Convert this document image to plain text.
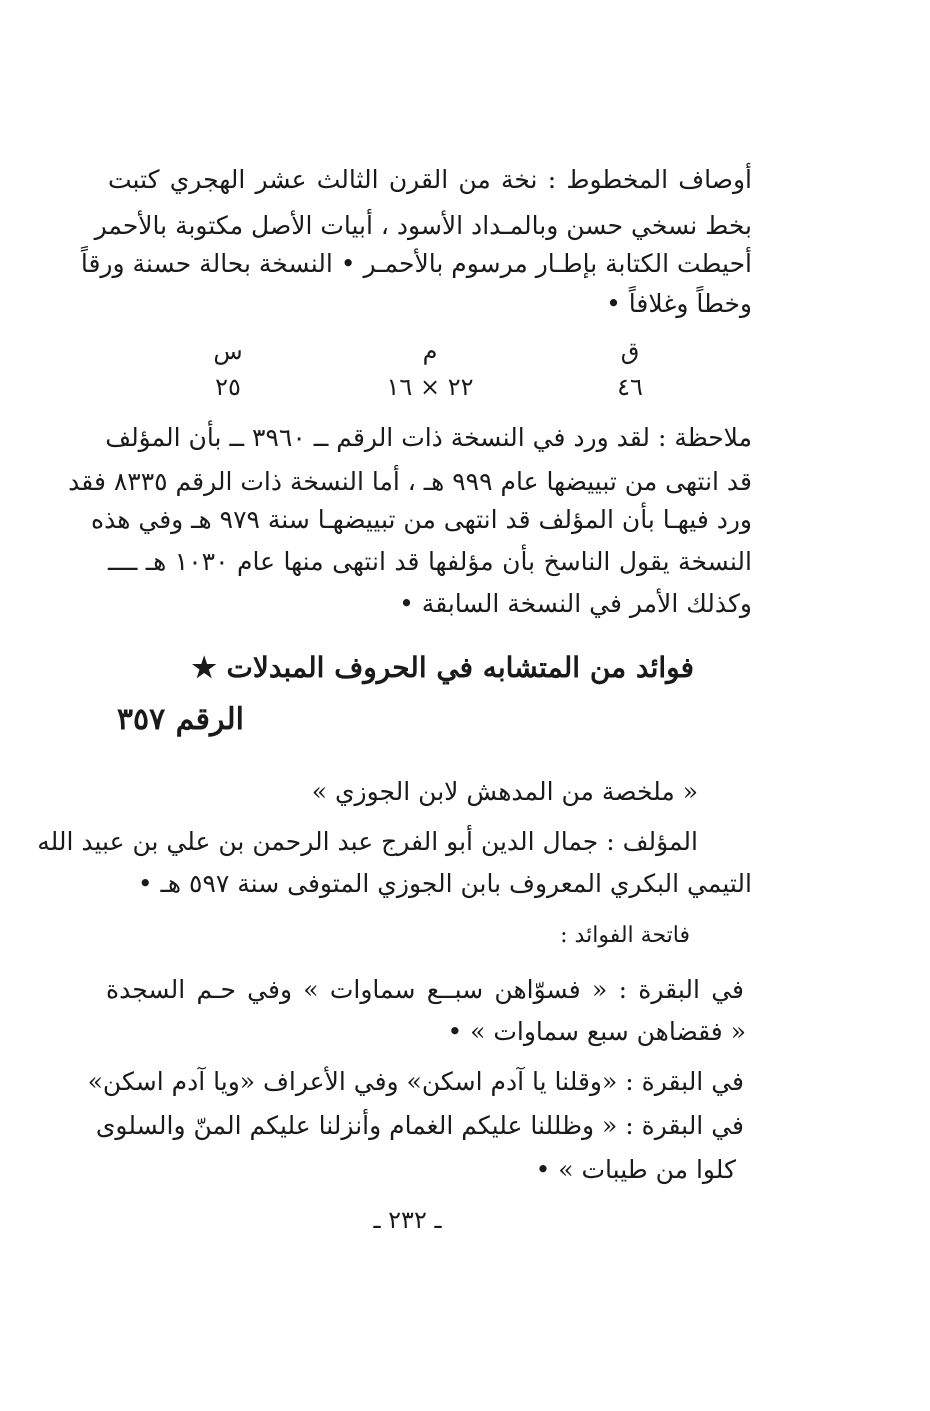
أوصاف المخطوط : نخة من القرن الثالث عشر الهجري كتبت
بخط نسخي حسن وبالمـداد الأسود ، أبيات الأصل مكتوبة بالأحمر
أحيطت الكتابة بإطـار مرسوم بالأحمـر • النسخة بحالة حسنة ورقاً
وخطاً وغلافاً •
ق
م
س
٤٦
٢٢ × ١٦
٢٥
ملاحظة : لقد ورد في النسخة ذات الرقم ــ ٣٩٦٠ ــ بأن المؤلف
قد انتهى من تبييضها عام ٩٩٩ هـ ، أما النسخة ذات الرقم ٨٣٣٥ فقد
ورد فيهـا بأن المؤلف قد انتهى من تبييضهـا سنة ٩٧٩ هـ وفي هذه
النسخة يقول الناسخ بأن مؤلفها قد انتهى منها عام ١٠٣٠ هـ ــــ
وكذلك الأمر في النسخة السابقة •
فوائد من المتشابه في الحروف المبدلات ★
الرقم ٣٥٧
« ملخصة من المدهش لابن الجوزي »
المؤلف : جمال الدين أبو الفرج عبد الرحمن بن علي بن عبيد الله
التيمي البكري المعروف بابن الجوزي المتوفى سنة ٥٩٧ هـ •
فاتحة الفوائد :
في البقرة : « فسوّاهن سبــع سماوات » وفي حـم السجدة
« فقضاهن سبع سماوات » •
في البقرة : «وقلنا يا آدم اسكن» وفي الأعراف «ويا آدم اسكن»
في البقرة : « وظللنا عليكم الغمام وأنزلنا عليكم المنّ والسلوى
كلوا من طيبات » •
ـ ٢٣٢ ـ
